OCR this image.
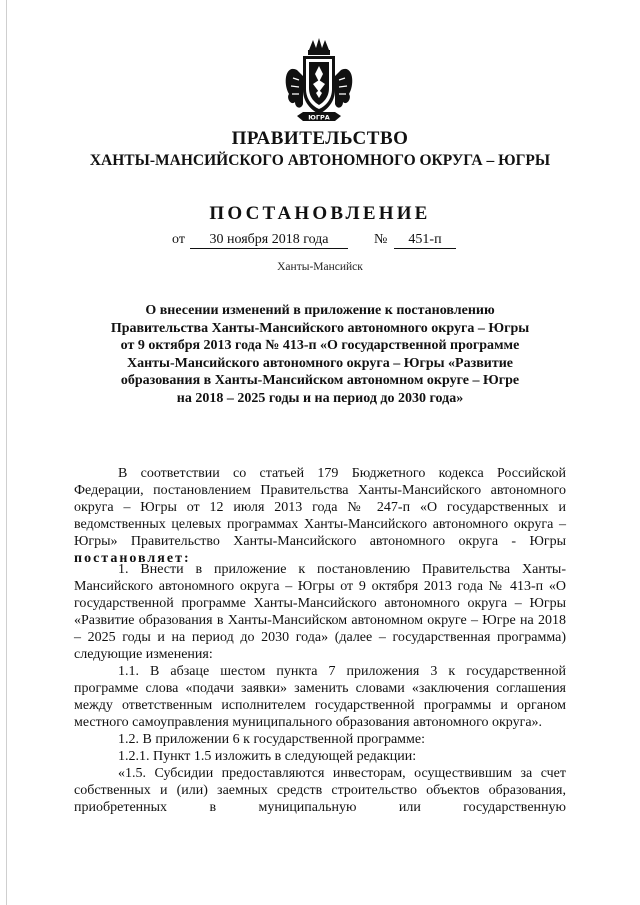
ЮГРА
ПРАВИТЕЛЬСТВО
ХАНТЫ-МАНСИЙСКОГО АВТОНОМНОГО ОКРУГА – ЮГРЫ
ПОСТАНОВЛЕНИЕ
от	30 ноября 2018 года	№	451-п
Ханты-Мансийск
О внесении изменений в приложение к постановлению
Правительства Ханты-Мансийского автономного округа – Югры
от 9 октября 2013 года № 413-п «О государственной программе
Ханты-Мансийского автономного округа – Югры «Развитие
образования в Ханты-Мансийском автономном округе – Югре
на 2018 – 2025 годы и на период до 2030 года»

В соответствии со статьей 179 Бюджетного кодекса Российской Федерации, постановлением Правительства Ханты-Мансийского автономного округа – Югры от 12 июля 2013 года № 247-п «О государственных и ведомственных целевых программах Ханты-Мансийского автономного округа – Югры» Правительство Ханты-Мансийского автономного округа - Югры постановляет:

1. Внести в приложение к постановлению Правительства Ханты-Мансийского автономного округа – Югры от 9 октября 2013 года № 413-п «О государственной программе Ханты-Мансийского автономного округа – Югры «Развитие образования в Ханты-Мансийском автономном округе – Югре на 2018 – 2025 годы и на период до 2030 года» (далее – государственная программа) следующие изменения:

1.1. В абзаце шестом пункта 7 приложения 3 к государственной программе слова «подачи заявки» заменить словами «заключения соглашения между ответственным исполнителем государственной программы и органом местного самоуправления муниципального образования автономного округа».

1.2. В приложении 6 к государственной программе:

1.2.1. Пункт 1.5 изложить в следующей редакции:

«1.5. Субсидии предоставляются инвесторам, осуществившим за счет собственных и (или) заемных средств строительство объектов образования, приобретенных в муниципальную или государственную
